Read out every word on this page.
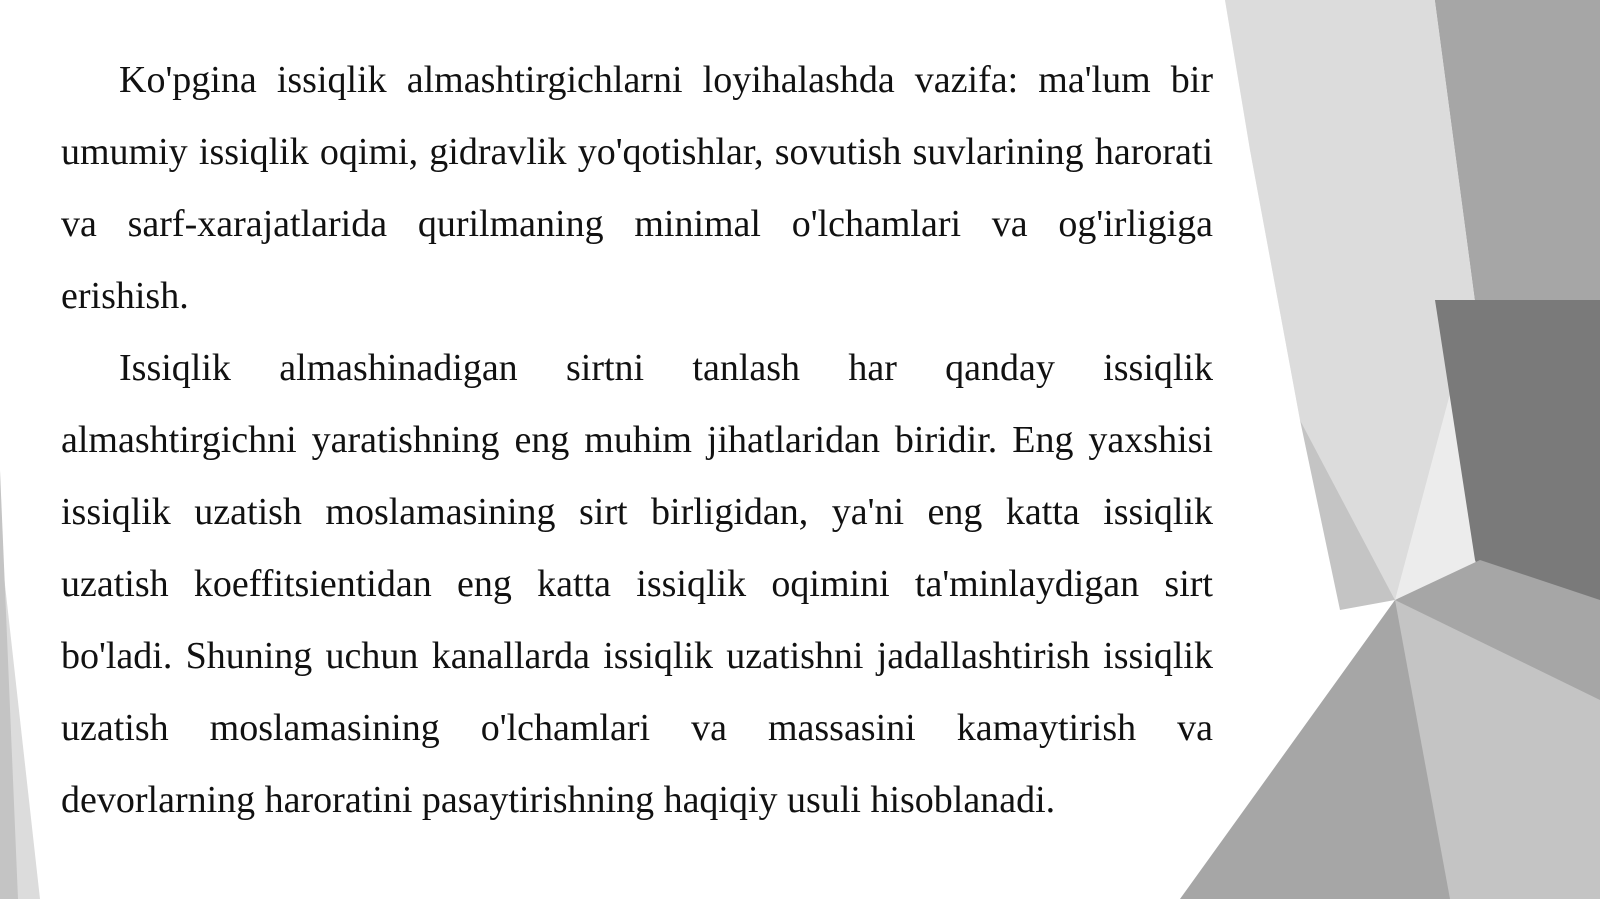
Ko'pgina issiqlik almashtirgichlarni loyihalashda vazifa: ma'lum bir umumiy issiqlik oqimi, gidravlik yo'qotishlar, sovutish suvlarining harorati va sarf-xarajatlarida qurilmaning minimal o'lchamlari va og'irligiga erishish.

Issiqlik almashinadigan sirtni tanlash har qanday issiqlik almashtirgichni yaratishning eng muhim jihatlaridan biridir. Eng yaxshisi issiqlik uzatish moslamasining sirt birligidan, ya'ni eng katta issiqlik uzatish koeffitsientidan eng katta issiqlik oqimini ta'minlaydigan sirt bo'ladi. Shuning uchun kanallarda issiqlik uzatishni jadallashtirish issiqlik uzatish moslamasining o'lchamlari va massasini kamaytirish va devorlarning haroratini pasaytirishning haqiqiy usuli hisoblanadi.
